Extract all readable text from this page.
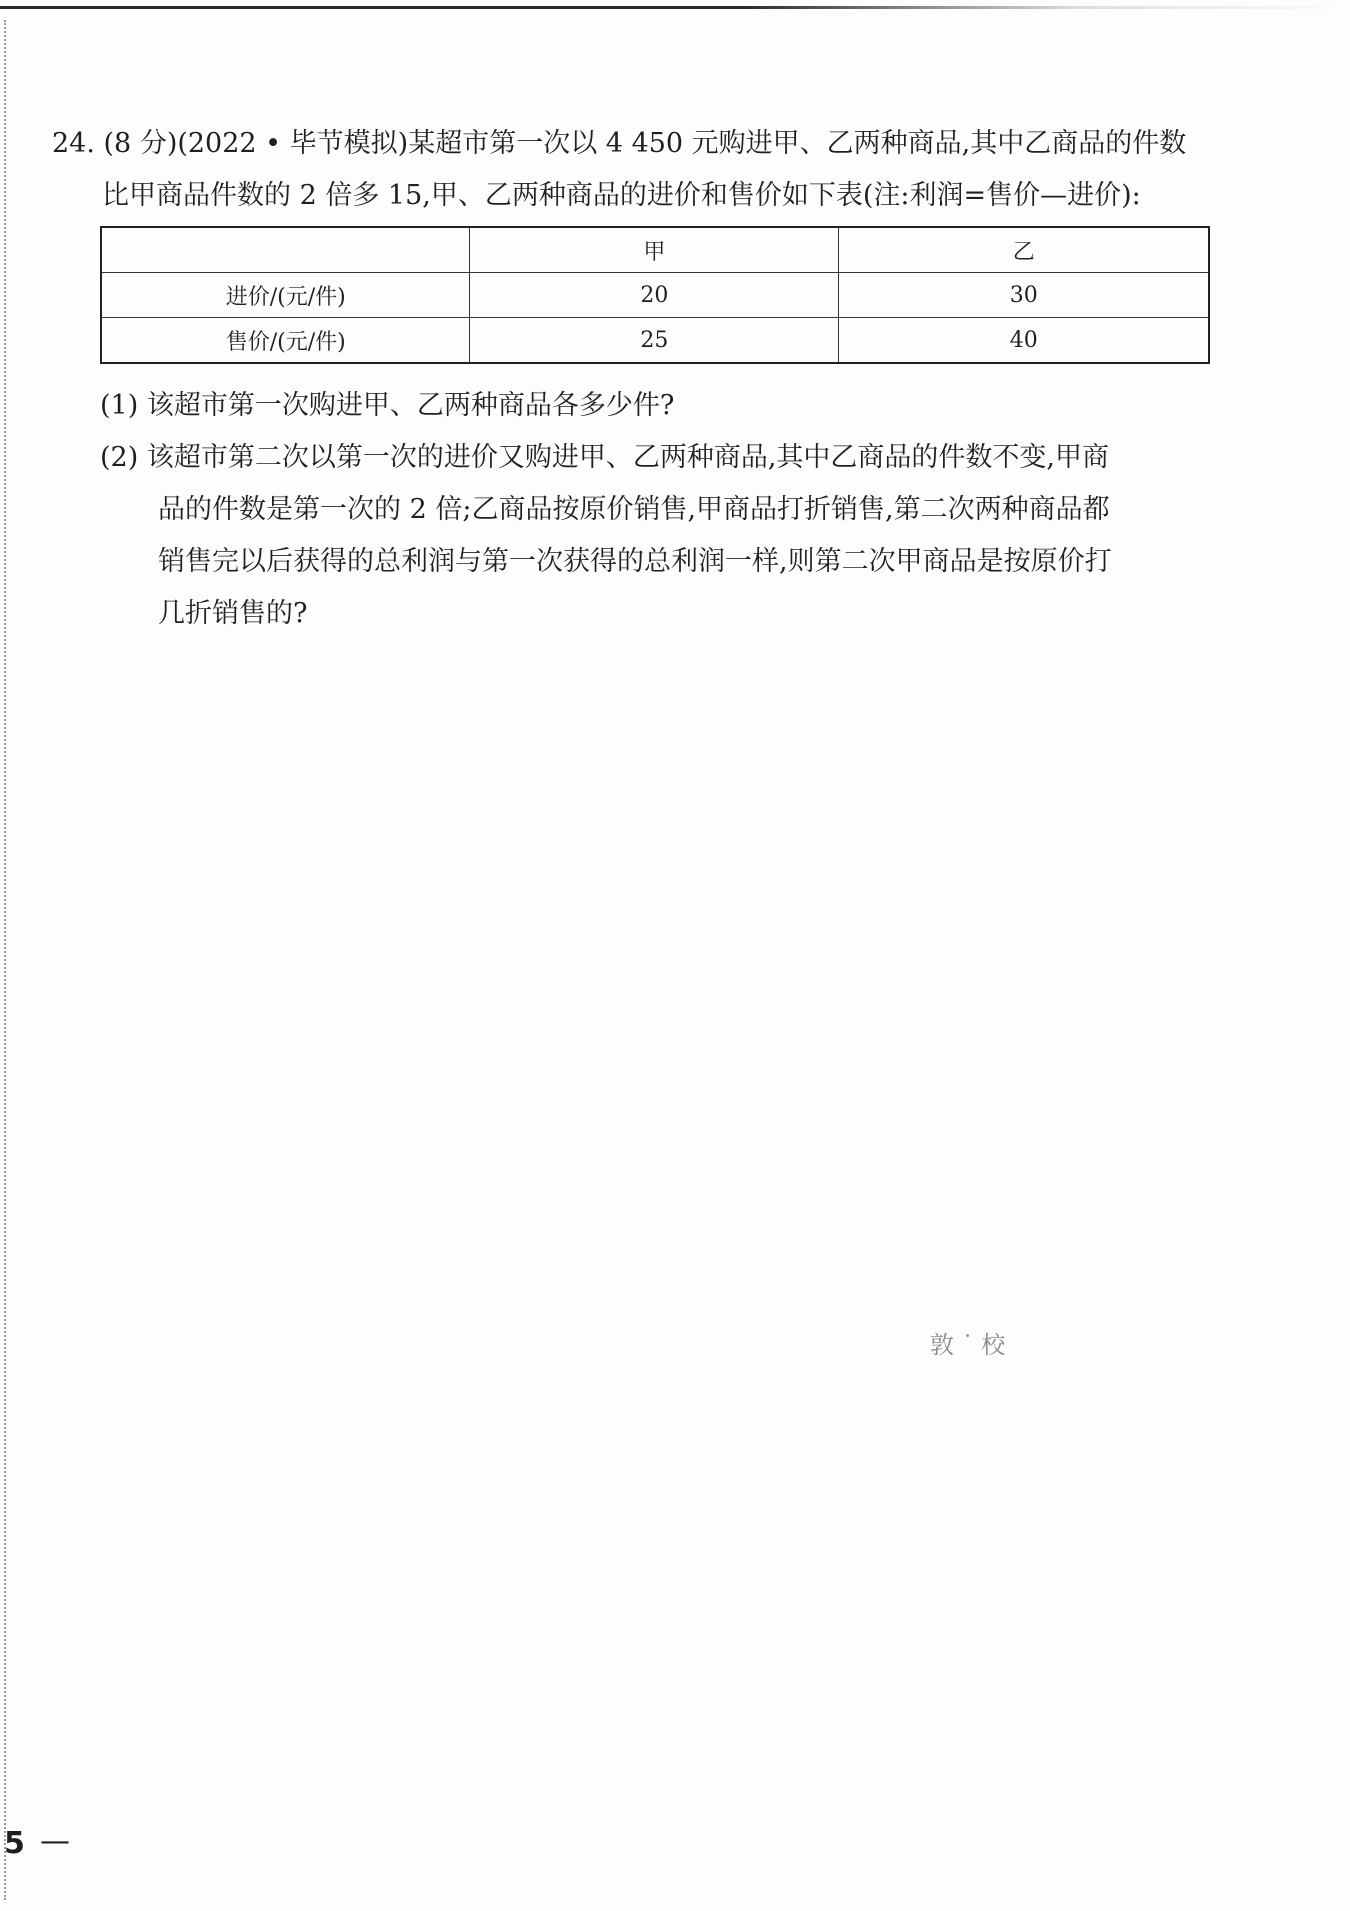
24. (8 分)(2022 • 毕节模拟)某超市第一次以 4 450 元购进甲、乙两种商品,其中乙商品的件数
比甲商品件数的 2 倍多 15,甲、乙两种商品的进价和售价如下表(注:利润=售价—进价):
	甲	乙
进价/(元/件)	20	30
售价/(元/件)	25	40
(1) 该超市第一次购进甲、乙两种商品各多少件?
(2) 该超市第二次以第一次的进价又购进甲、乙两种商品,其中乙商品的件数不变,甲商
品的件数是第一次的 2 倍;乙商品按原价销售,甲商品打折销售,第二次两种商品都
销售完以后获得的总利润与第一次获得的总利润一样,则第二次甲商品是按原价打
几折销售的?
敦 ˙ 校
5 —
